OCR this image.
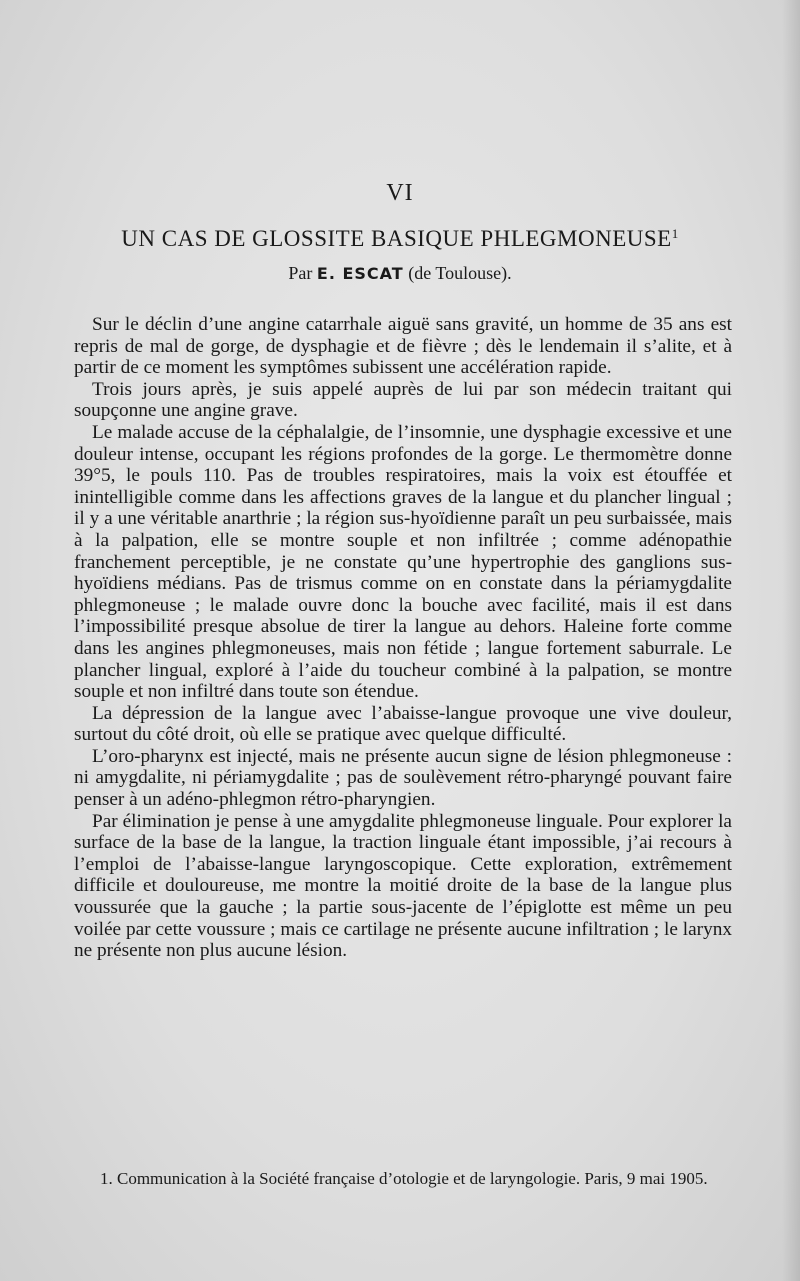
VI
UN CAS DE GLOSSITE BASIQUE PHLEGMONEUSE$^1$
Par E. ESCAT (de Toulouse).

Sur le déclin d’une angine catarrhale aiguë sans gravité, un homme de 35 ans est repris de mal de gorge, de dysphagie et de fièvre ; dès le lendemain il s’alite, et à partir de ce moment les symptômes subissent une accélération rapide.

Trois jours après, je suis appelé auprès de lui par son médecin traitant qui soupçonne une angine grave.

Le malade accuse de la céphalalgie, de l’insomnie, une dysphagie excessive et une douleur intense, occupant les régions profondes de la gorge. Le thermomètre donne 39°5, le pouls 110. Pas de troubles respiratoires, mais la voix est étouffée et inintelligible comme dans les affections graves de la langue et du plancher lingual ; il y a une véritable anarthrie ; la région sus-hyoïdienne paraît un peu surbaissée, mais à la palpation, elle se montre souple et non infiltrée ; comme adénopathie franchement perceptible, je ne constate qu’une hypertrophie des ganglions sus-hyoïdiens médians. Pas de trismus comme on en constate dans la périamygdalite phlegmoneuse ; le malade ouvre donc la bouche avec facilité, mais il est dans l’impossibilité presque absolue de tirer la langue au dehors. Haleine forte comme dans les angines phlegmoneuses, mais non fétide ; langue fortement saburrale. Le plancher lingual, exploré à l’aide du toucheur combiné à la palpation, se montre souple et non infiltré dans toute son étendue.

La dépression de la langue avec l’abaisse-langue provoque une vive douleur, surtout du côté droit, où elle se pratique avec quelque difficulté.

L’oro-pharynx est injecté, mais ne présente aucun signe de lésion phlegmoneuse : ni amygdalite, ni périamygdalite ; pas de soulèvement rétro-pharyngé pouvant faire penser à un adéno-phlegmon rétro-pharyngien.

Par élimination je pense à une amygdalite phlegmoneuse linguale. Pour explorer la surface de la base de la langue, la traction linguale étant impossible, j’ai recours à l’emploi de l’abaisse-langue laryngoscopique. Cette exploration, extrêmement difficile et douloureuse, me montre la moitié droite de la base de la langue plus voussurée que la gauche ; la partie sous-jacente de l’épiglotte est même un peu voilée par cette voussure ; mais ce cartilage ne présente aucune infiltration ; le larynx ne présente non plus aucune lésion.

1. Communication à la Société française d’otologie et de laryngologie. Paris, 9 mai 1905.
